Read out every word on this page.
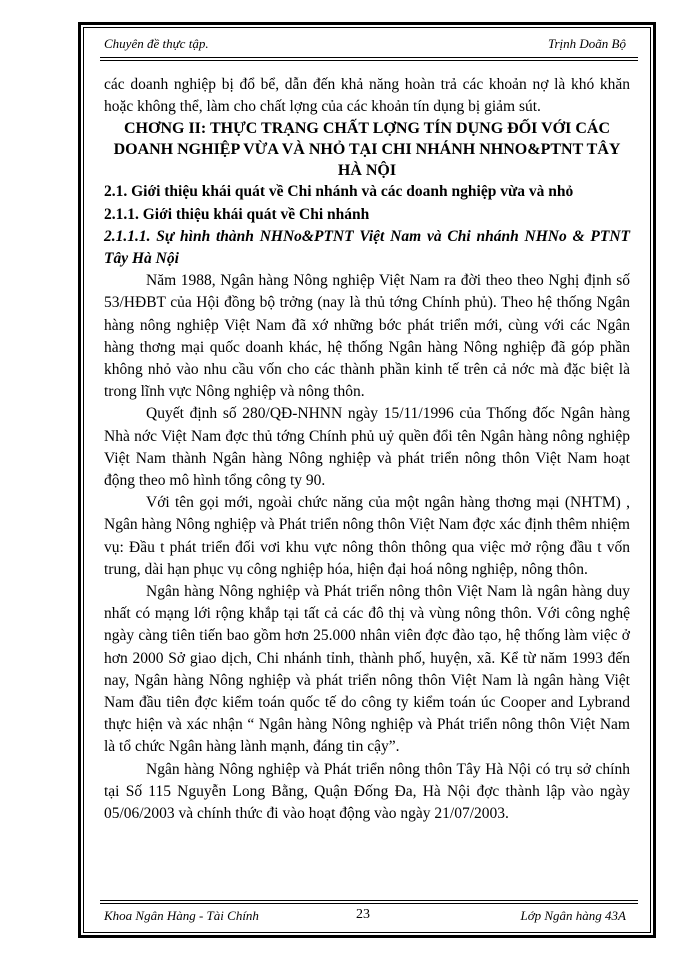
Chuyên đề thực tập.	Trịnh Doãn Bộ

các doanh nghiệp bị đổ bể, dẫn đến khả năng hoàn trả các khoản nợ là khó khăn hoặc không thể, làm cho chất lợng của các khoản tín dụng bị giảm sút.

CHƠNG II: THỰC TRẠNG CHẤT LỢNG TÍN DỤNG ĐỐI VỚI CÁC DOANH NGHIỆP VỪA VÀ NHỎ TẠI CHI NHÁNH NHNO&PTNT TÂY HÀ NỘI

2.1. Giới thiệu khái quát về Chi nhánh và các doanh nghiệp vừa và nhỏ

2.1.1. Giới thiệu khái quát về Chi nhánh

2.1.1.1. Sự hình thành NHNo&PTNT Việt Nam và Chi nhánh NHNo & PTNT Tây Hà Nội

Năm 1988, Ngân hàng Nông nghiệp Việt Nam ra đời theo theo Nghị định số 53/HĐBT của Hội đồng bộ trởng (nay là thủ tớng Chính phủ). Theo hệ thống Ngân hàng nông nghiệp Việt Nam đã xớ những bớc phát triển mới, cùng với các Ngân hàng thơng mại quốc doanh khác, hệ thống Ngân hàng Nông nghiệp đã góp phần không nhỏ vào nhu cầu vốn cho các thành phần kinh tế trên cả nớc mà đặc biệt là trong lĩnh vực Nông nghiệp và nông thôn.

Quyết định số 280/QĐ-NHNN ngày 15/11/1996 của Thống đốc Ngân hàng Nhà nớc Việt Nam đợc thủ tớng Chính phủ uỷ quền đổi tên Ngân hàng nông nghiệp Việt Nam thành Ngân hàng Nông nghiệp và phát triển nông thôn Việt Nam hoạt động theo mô hình tổng công ty 90.

Với tên gọi mới, ngoài chức năng của một ngân hàng thơng mại (NHTM) , Ngân hàng Nông nghiệp và Phát triển nông thôn Việt Nam đợc xác định thêm nhiệm vụ: Đầu t phát triển đối vơi khu vực nông thôn thông qua việc mở rộng đầu t vốn trung, dài hạn phục vụ công nghiệp hóa, hiện đại hoá nông nghiệp, nông thôn.

Ngân hàng Nông nghiệp và Phát triển nông thôn Việt Nam là ngân hàng duy nhất có mạng lới rộng khắp tại tất cả các đô thị và vùng nông thôn. Với công nghệ ngày càng tiên tiến bao gồm hơn 25.000 nhân viên đợc đào tạo, hệ thống làm việc ở hơn 2000 Sở giao dịch, Chi nhánh tỉnh, thành phố, huyện, xã. Kể từ năm 1993 đến nay, Ngân hàng Nông nghiệp và phát triển nông thôn Việt Nam là ngân hàng Việt Nam đầu tiên đợc kiểm toán quốc tế do công ty kiểm toán úc Cooper and Lybrand thực hiện và xác nhận “ Ngân hàng Nông nghiệp và Phát triển nông thôn Việt Nam là tổ chức Ngân hàng lành mạnh, đáng tin cậy”.

Ngân hàng Nông nghiệp và Phát triển nông thôn Tây Hà Nội có trụ sở chính tại Số 115 Nguyễn Long Bằng, Quận Đống Đa, Hà Nội đợc thành lập vào ngày 05/06/2003 và chính thức đi vào hoạt động vào ngày 21/07/2003.

Khoa Ngân Hàng - Tài Chính	23	Lớp Ngân hàng 43A
